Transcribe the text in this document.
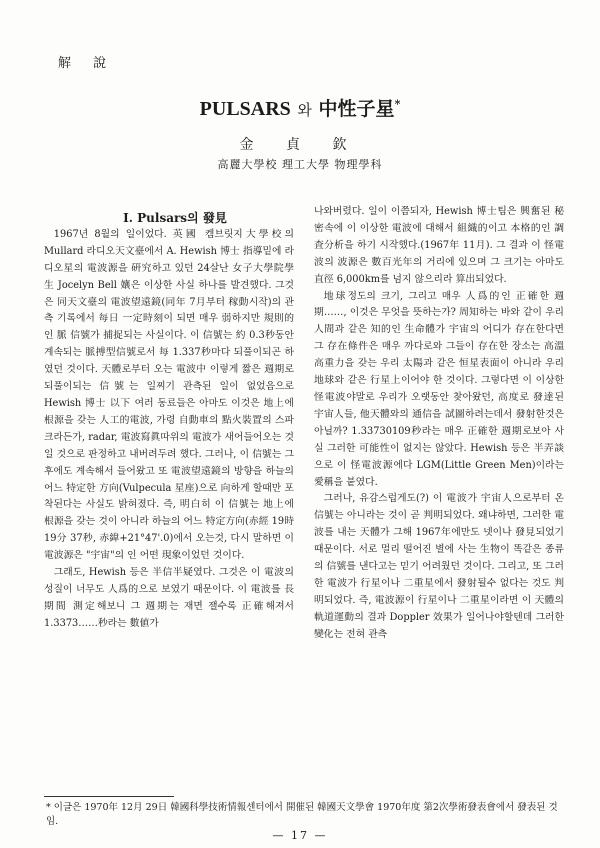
解 說
PULSARS 와 中性子星*
金 貞 欽
高麗大學校 理工大學 物理學科

I. Pulsars의 發見

1967년 8월의 일이었다. 英國 켐브릿지大學校의 Mullard 라디오天文臺에서 A. Hewish 博士 指導밑에 라디오星의 電波源을 硏究하고 있던 24살난 女子大學院學生 Jocelyn Bell 孃은 이상한 사실 하나를 발견했다. 그것은 同天文臺의 電波望遠鏡(同年 7月부터 稼動시작)의 관측 기록에서 每日 一定時刻이 되면 매우 弱하지만 規則的인 脈 信號가 捕捉되는 사실이다. 이 信號는 約 0.3秒동안 계속되는 脈搏型信號로서 每 1.337秒마다 되풀이되곤 하였던 것이다. 天體로부터 오는 電波中 이렇게 짧은 週期로 되풀이되는 信號는 일찌기 관측된 일이 없었음으로 Hewish 博士 以下 여러 동료들은 아마도 이것은 地上에 根源을 갖는 人工的電波, 가령 自動車의 點火裝置의 스파크라든가, radar, 電波寫眞따위의 電波가 새어들어오는 것일 것으로 판정하고 내버려두려 했다. 그러나, 이 信號는 그 후에도 계속해서 들어왔고 또 電波望遠鏡의 방향을 하늘의 어느 特定한 方向(Vulpecula 星座)으로 向하게 할때만 포착된다는 사실도 밝혀졌다. 즉, 明白히 이 信號는 地上에 根源을 갖는 것이 아니라 하늘의 어느 特定方向(赤經 19時 19分 37秒, 赤緯+21°47'.0)에서 오는것, 다시 말하면 이 電波源은 "宇宙"의 인 어떤 現象이었던 것이다.

그래도, Hewish 등은 半信半疑였다. 그것은 이 電波의 성질이 너무도 人爲的으로 보였기 때문이다. 이 電波를 長期間 測定해보니 그 週期는 재면 잴수록 正確해져서 1.3373……秒라는 數値가

나와버렸다. 일이 이쯤되자, Hewish 博士팀은 興奮된 秘密속에 이 이상한 電波에 대해서 組織的이고 本格的인 調査分析을 하기 시작했다.(1967年 11月). 그 결과 이 怪電波의 波源은 數百光年의 거리에 있으며 그 크기는 아마도 直徑 6,000km를 넘지 않으리라 算出되었다.

地球정도의 크기, 그리고 매우 人爲的인 正確한 週期……, 이것은 무엇을 뜻하는가? 周知하는 바와 같이 우리 人間과 같은 知的인 生命體가 宇宙의 어디가 存在한다면 그 存在條件은 매우 까다로와 그들이 存在한 장소는 高溫高重力을 갖는 우리 太陽과 같은 恒星表面이 아니라 우리 地球와 같은 行星上이어야 한 것이다. 그렇다면 이 이상한 怪電波야말로 우리가 오랫동안 찾아왔던, 高度로 發達된 宇宙人들, 他天體와의 通信을 試圖하려는데서 發射한것은 아닐까? 1.33730109秒라는 매우 正確한 週期로보아 사실 그러한 可能性이 없지는 않았다. Hewish 등은 半弄談으로 이 怪電波源에다 LGM(Little Green Men)이라는 愛稱을 붙였다.

그러나, 유감스럽게도(?) 이 電波가 宇宙人으로부터 온 信號는 아니라는 것이 곧 判明되었다. 왜냐하면, 그러한 電波를 내는 天體가 그해 1967年에만도 넷이나 發見되었기 때문이다. 서로 멀리 떨어진 별에 사는 生物이 똑같은 종류의 信號를 낸다고는 믿기 어려웠던 것이다. 그리고, 또 그러한 電波가 行星이나 二重星에서 發射될수 없다는 것도 判明되었다. 즉, 電波源이 行星이나 二重星이라면 이 天體의 軌道運動의 결과 Doppler 效果가 일어나야할텐데 그러한 變化는 전혀 관측

* 이글은 1970年 12月 29日 韓國科學技術情報센터에서 開催된 韓國天文學會 1970年度 第2次學術發表會에서 發表된 것임.
— 17 —
